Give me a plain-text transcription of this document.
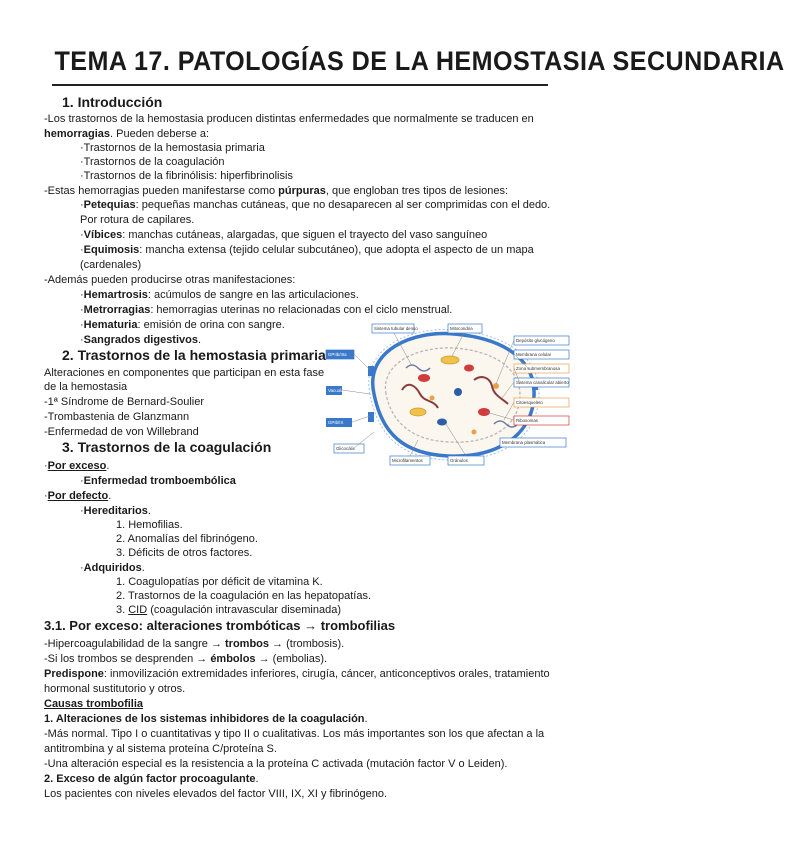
TEMA 17. PATOLOGÍAS DE LA HEMOSTASIA SECUNDARIA
1. Introducción
-Los trastornos de la hemostasia producen distintas enfermedades que normalmente se traducen en
hemorragias. Pueden deberse a:
·Trastornos de la hemostasia primaria
·Trastornos de la coagulación
·Trastornos de la fibrinólisis: hiperfibrinolisis
-Estas hemorragias pueden manifestarse como púrpuras, que engloban tres tipos de lesiones:
·Petequias: pequeñas manchas cutáneas, que no desaparecen al ser comprimidas con el dedo.
Por rotura de capilares.
·Víbices: manchas cutáneas, alargadas, que siguen el trayecto del vaso sanguíneo
·Equimosis: mancha extensa (tejido celular subcutáneo), que adopta el aspecto de un mapa
(cardenales)
-Además pueden producirse otras manifestaciones:
·Hemartrosis: acúmulos de sangre en las articulaciones.
·Metrorragias: hemorragias uterinas no relacionadas con el ciclo menstrual.
·Hematuria: emisión de orina con sangre.
·Sangrados digestivos.
2. Trastornos de la hemostasia primaria
Alteraciones en componentes que participan en esta fase
de la hemostasia
-1ª Síndrome de Bernard-Soulier
-Trombastenia de Glanzmann
-Enfermedad de von Willebrand
3. Trastornos de la coagulación
·Por exceso.
·Enfermedad tromboembólica
·Por defecto.
·Hereditarios.
1. Hemofilias.
2. Anomalías del fibrinógeno.
3. Déficits de otros factores.
·Adquiridos.
1. Coagulopatías por déficit de vitamina K.
2. Trastornos de la coagulación en las hepatopatías.
3. CID (coagulación intravascular diseminada)
3.1. Por exceso: alteraciones trombóticas → trombofilias
-Hipercoagulabilidad de la sangre → trombos → (trombosis).
-Si los trombos se desprenden → émbolos → (embolias).
Predispone: inmovilización extremidades inferiores, cirugía, cáncer, anticonceptivos orales, tratamiento
hormonal sustitutorio y otros.
Causas trombofilia
1. Alteraciones de los sistemas inhibidores de la coagulación.
-Más normal. Tipo I o cuantitativas y tipo II o cualitativas. Los más importantes son los que afectan a la
antitrombina y al sistema proteína C/proteína S.
-Una alteración especial es la resistencia a la proteína C activada (mutación factor V o Leiden).
2. Exceso de algún factor procoagulante.
Los pacientes con niveles elevados del factor VIII, IX, XI y fibrinógeno.
Sistema tubular denso	Mitocondria
Depósito glucógeno
Membrana celular
Zona submembranosa
Sistema canalicular abierto
Citoesqueleto
Ribosomas
Membrana plasmática
GPIIb/IIIa
Vacuola
GPIb/IX
Glicocálix
Microfilamentos	Gránulos
